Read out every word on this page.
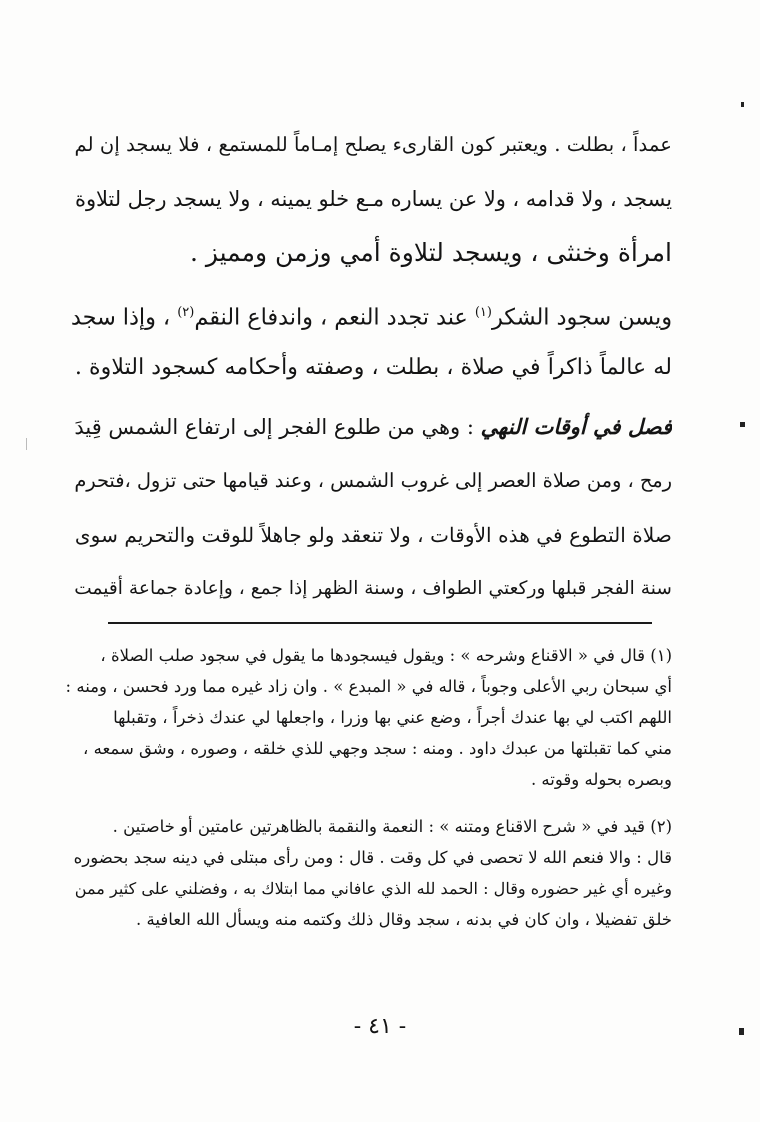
عمداً ، بطلت . ويعتبر كون القارىء يصلح إمـاماً للمستمع ، فلا يسجد إن لم
يسجد ، ولا قدامه ، ولا عن يساره مـع خلو يمينه ، ولا يسجد رجل لتلاوة
امرأة وخنثى ، ويسجد لتلاوة أمي وزمن ومميز .
ويسن سجود الشكر$^{(١)}$ عند تجدد النعم ، واندفاع النقم$^{(٢)}$ ، وإذا سجد
له عالماً ذاكراً في صلاة ، بطلت ، وصفته وأحكامه كسجود التلاوة .
فصل في أوقات النهي : وهي من طلوع الفجر إلى ارتفاع الشمس قِيدَ
رمح ، ومن صلاة العصر إلى غروب الشمس ، وعند قيامها حتى تزول ،فتحرم
صلاة التطوع في هذه الأوقات ، ولا تنعقد ولو جاهلاً للوقت والتحريم سوى
سنة الفجر قبلها وركعتي الطواف ، وسنة الظهر إذا جمع ، وإعادة جماعة أقيمت
(١) قال في « الاقناع وشرحه » : ويقول فيسجودها ما يقول في سجود صلب الصلاة ،
أي سبحان ربي الأعلى وجوباً ، قاله في « المبدع » . وان زاد غيره مما ورد فحسن ، ومنه :
اللهم اكتب لي بها عندك أجراً ، وضع عني بها وزرا ، واجعلها لي عندك ذخراً ، وتقبلها
مني كما تقبلتها من عبدك داود . ومنه : سجد وجهي للذي خلقه ، وصوره ، وشق سمعه ،
وبصره بحوله وقوته .
(٢) قيد في « شرح الاقناع ومتنه » : النعمة والنقمة بالظاهرتين عامتين أو خاصتين .
قال : والا فنعم الله لا تحصى في كل وقت . قال : ومن رأى مبتلى في دينه سجد بحضوره
وغيره أي غير حضوره وقال : الحمد لله الذي عافاني مما ابتلاك به ، وفضلني على كثير ممن
خلق تفضيلا ، وان كان في بدنه ، سجد وقال ذلك وكتمه منه ويسأل الله العافية .
- ٤١ -
